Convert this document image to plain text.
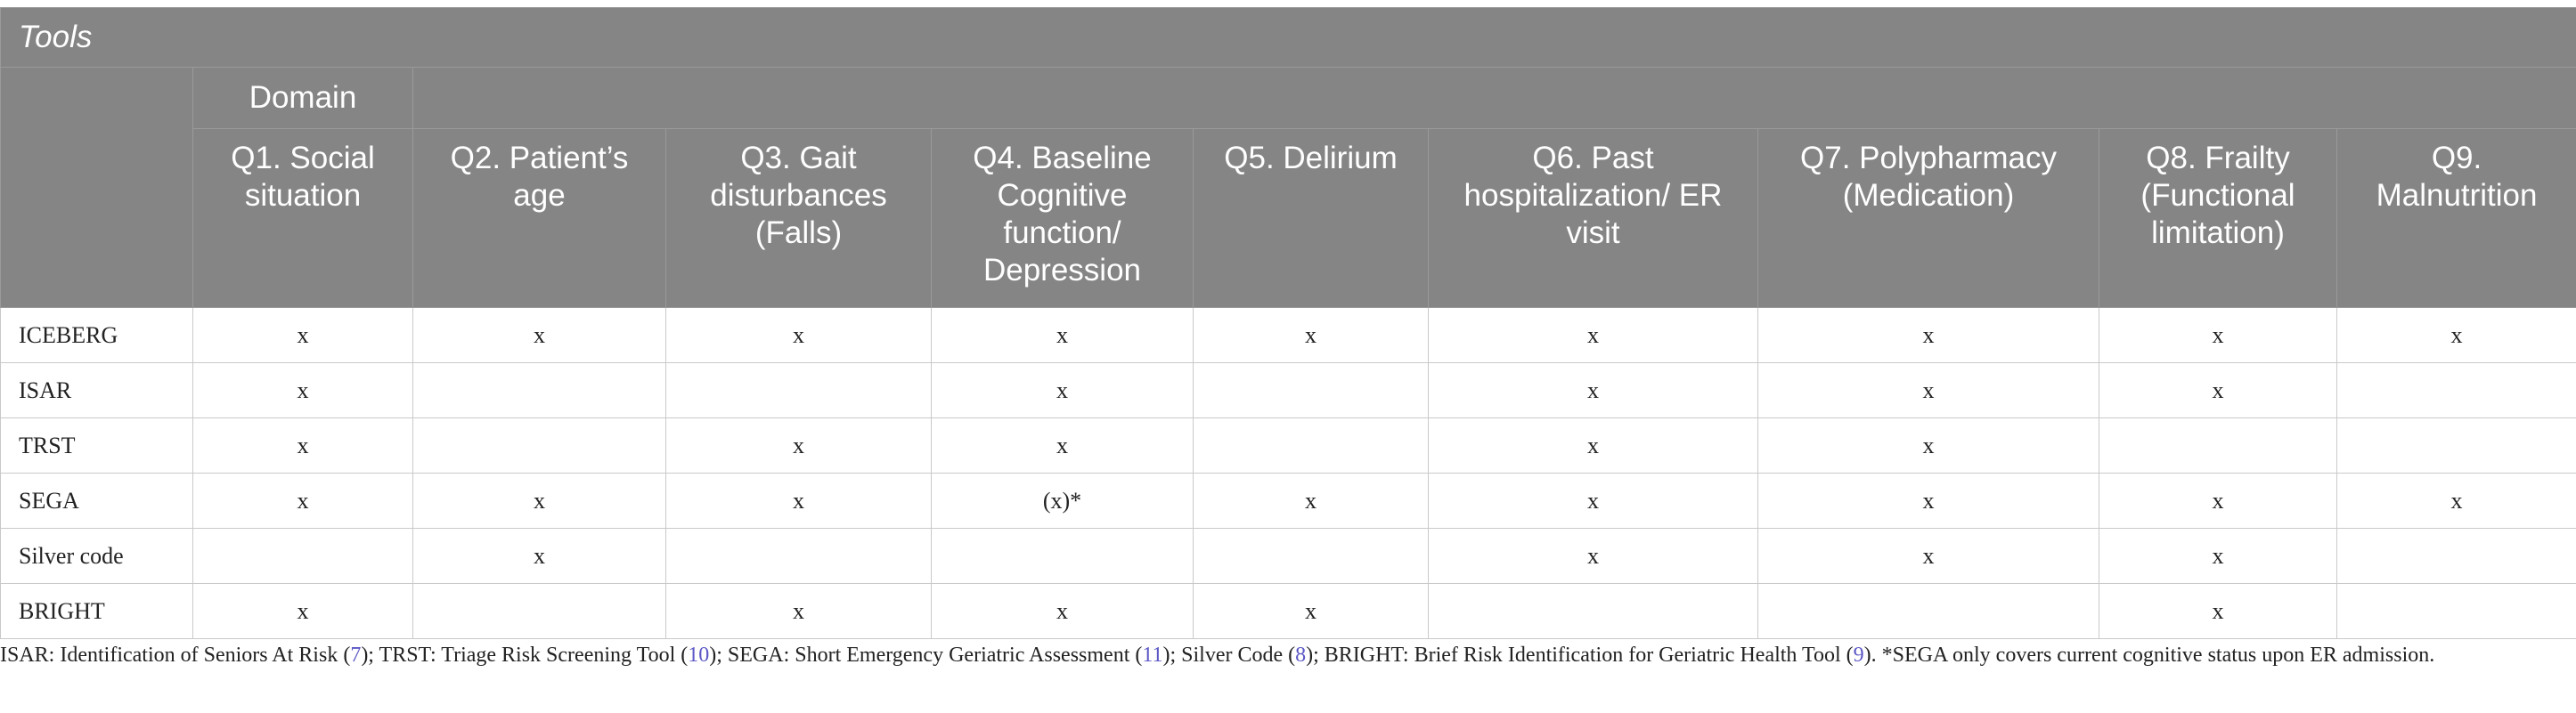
Tools									
	Domain								

	Q1. Social situation	Q2. Patient’s age	Q3. Gait disturbances (Falls)	Q4. Baseline Cognitive function/ Depression	Q5. Delirium	Q6. Past hospitalization/ ER visit	Q7. Polypharmacy (Medication)	Q8. Frailty (Functional limitation)	Q9. Malnutrition

ICEBERG	x	x	x	x	x	x	x	x	x
ISAR	x			x		x	x	x	
TRST	x		x	x		x	x		
SEGA	x	x	x	(x)*	x	x	x	x	x
Silver code		x				x	x	x	
BRIGHT	x		x	x	x			x	
ISAR: Identification of Seniors At Risk (7); TRST: Triage Risk Screening Tool (10); SEGA: Short Emergency Geriatric Assessment (11); Silver Code (8); BRIGHT: Brief Risk Identification for Geriatric Health Tool (9). *SEGA only covers current cognitive status upon ER admission.
